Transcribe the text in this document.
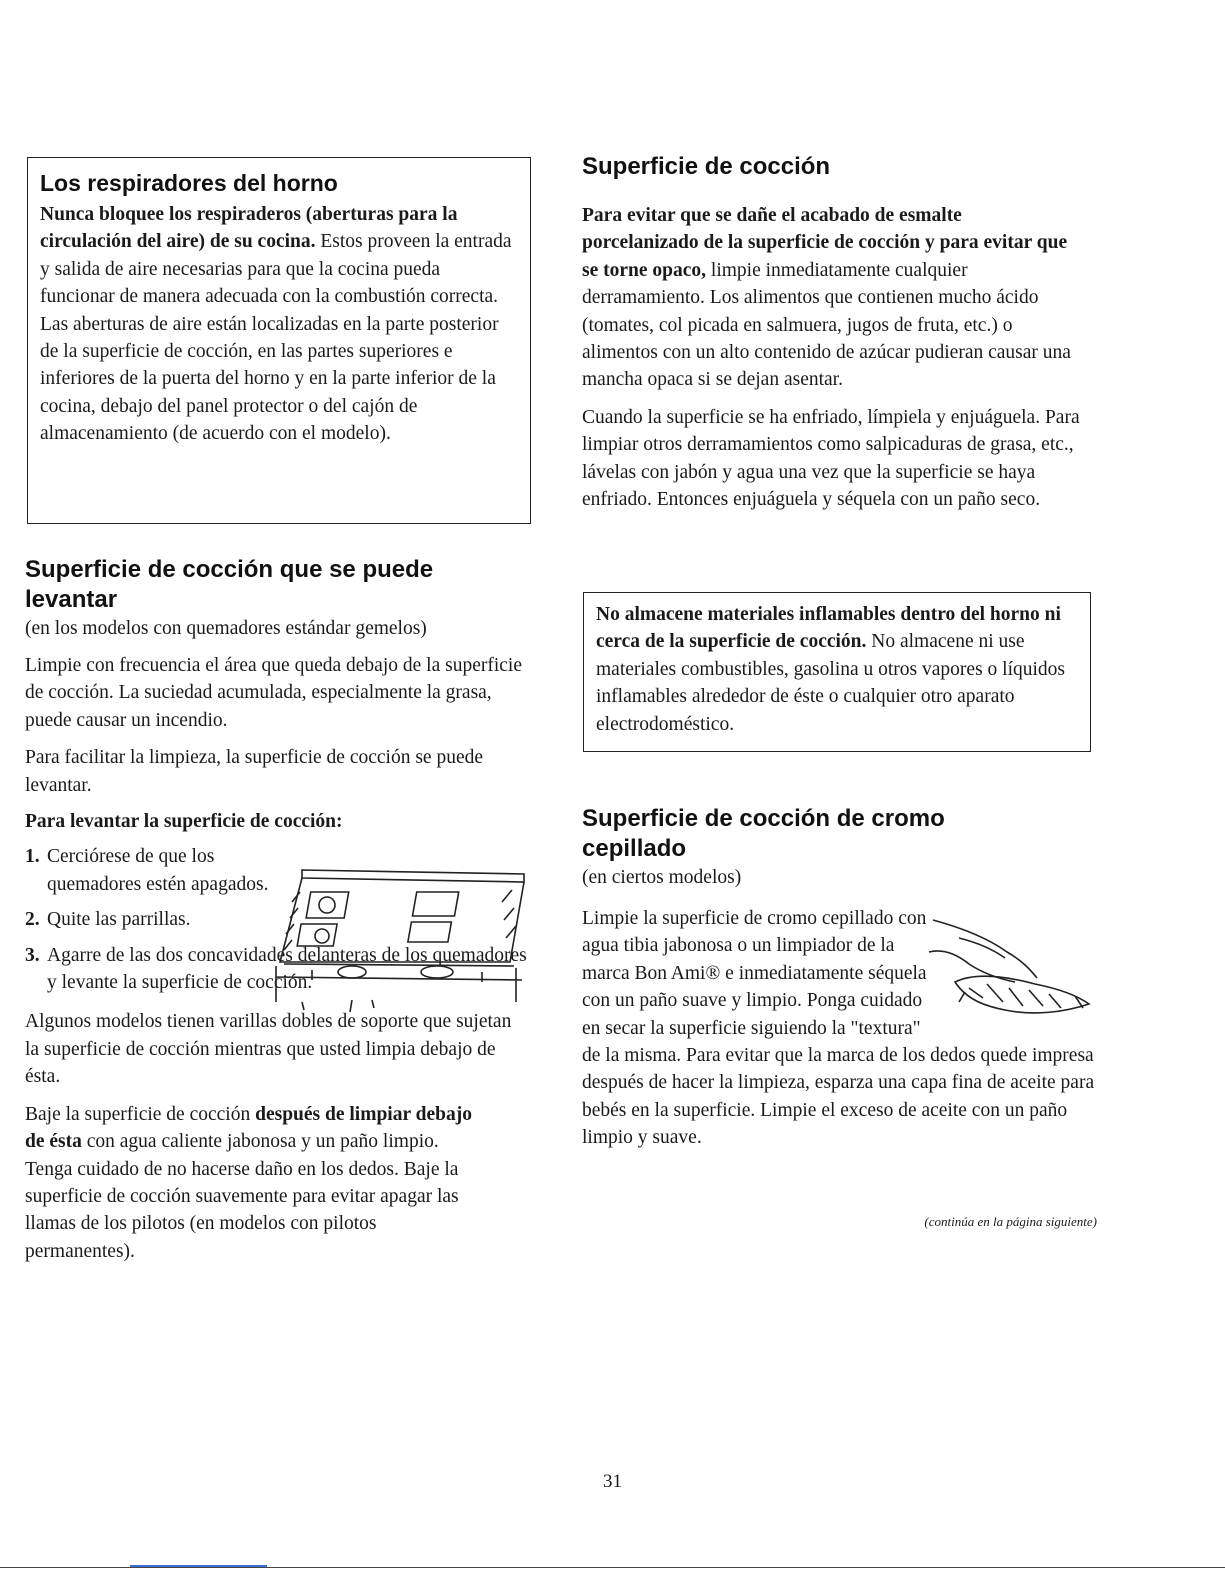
Los respiradores del horno

Nunca bloquee los respiraderos (aberturas para la circulación del aire) de su cocina. Estos proveen la entrada y salida de aire necesarias para que la cocina pueda funcionar de manera adecuada con la combustión correcta. Las aberturas de aire están localizadas en la parte posterior de la superficie de cocción, en las partes superiores e inferiores de la puerta del horno y en la parte inferior de la cocina, debajo del panel protector o del cajón de almacenamiento (de acuerdo con el modelo).

Superficie de cocción que se puede levantar

(en los modelos con quemadores estándar gemelos)

Limpie con frecuencia el área que queda debajo de la superficie de cocción. La suciedad acumulada, especialmente la grasa, puede causar un incendio.

Para facilitar la limpieza, la superficie de cocción se puede levantar.

Para levantar la superficie de cocción:

1. Cerciórese de que los quemadores estén apagados.
2. Quite las parrillas.
3. Agarre de las dos concavidades delanteras de los quemadores y levante la superficie de cocción.

Algunos modelos tienen varillas dobles de soporte que sujetan la superficie de cocción mientras que usted limpia debajo de ésta.

Baje la superficie de cocción después de limpiar debajo de ésta con agua caliente jabonosa y un paño limpio. Tenga cuidado de no hacerse daño en los dedos. Baje la superficie de cocción suavemente para evitar apagar las llamas de los pilotos (en modelos con pilotos permanentes).

Superficie de cocción

Para evitar que se dañe el acabado de esmalte porcelanizado de la superficie de cocción y para evitar que se torne opaco, limpie inmediatamente cualquier derramamiento. Los alimentos que contienen mucho ácido (tomates, col picada en salmuera, jugos de fruta, etc.) o alimentos con un alto contenido de azúcar pudieran causar una mancha opaca si se dejan asentar.

Cuando la superficie se ha enfriado, límpiela y enjuáguela. Para limpiar otros derramamientos como salpicaduras de grasa, etc., lávelas con jabón y agua una vez que la superficie se haya enfriado. Entonces enjuáguela y séquela con un paño seco.

No almacene materiales inflamables dentro del horno ni cerca de la superficie de cocción. No almacene ni use materiales combustibles, gasolina u otros vapores o líquidos inflamables alrededor de éste o cualquier otro aparato electrodoméstico.

Superficie de cocción de cromo cepillado

(en ciertos modelos)

Limpie la superficie de cromo cepillado con agua tibia jabonosa o un limpiador de la marca Bon Ami® e inmediatamente séquela con un paño suave y limpio. Ponga cuidado en secar la superficie siguiendo la "textura" de la misma. Para evitar que la marca de los dedos quede impresa después de hacer la limpieza, esparza una capa fina de aceite para bebés en la superficie. Limpie el exceso de aceite con un paño limpio y suave.

(continúa en la página siguiente)

31
